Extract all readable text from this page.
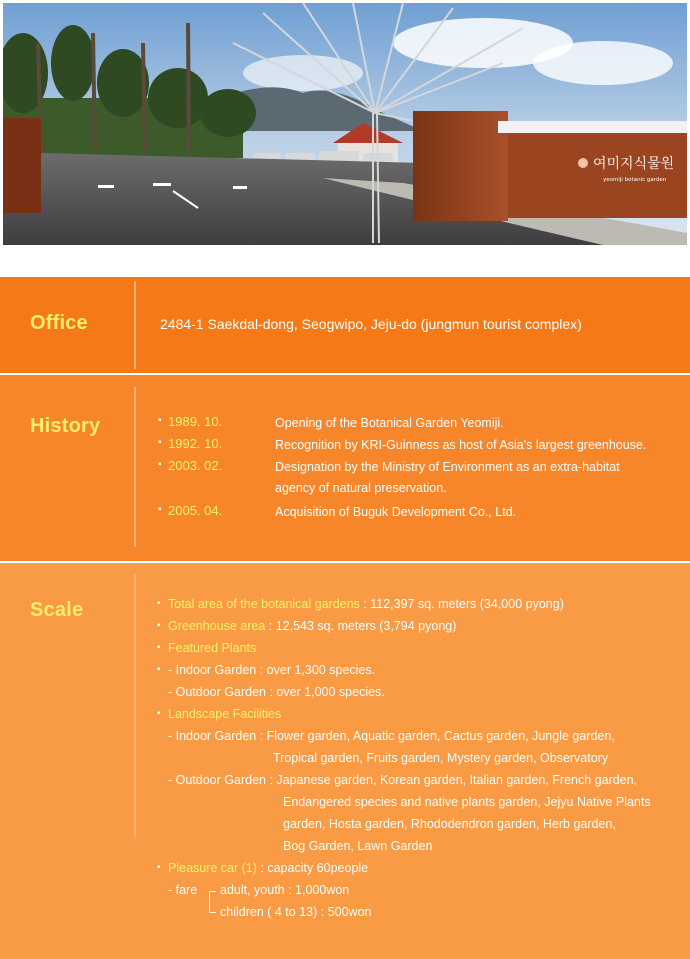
여미지식물원
yeomiji botanic garden
Office	2484-1 Saekdal-dong, Seogwipo, Jeju-do (jungmun tourist complex)
History	▪ 1989. 10.	Opening of the Botanical Garden Yeomiji.
▪ 1992. 10.	Recognition by KRI-Guinness as host of Asia's largest greenhouse.
▪ 2003. 02.	Designation by the Ministry of Environment as an extra-habitat agency of natural preservation.
▪ 2005. 04.	Acquisition of Buguk Development Co., Ltd.
Scale	▪ Total area of the botanical gardens : 112,397 sq. meters (34,000 pyong)
▪ Greenhouse area : 12,543 sq. meters (3,794 pyong)
▪ Featured Plants
▪ - Indoor Garden : over 1,300 species.
- Outdoor Garden : over 1,000 species.
▪ Landscape Facilities
- Indoor Garden : Flower garden, Aquatic garden, Cactus garden, Jungle garden,
Tropical garden, Fruits garden, Mystery garden, Observatory
- Outdoor Garden : Japanese garden, Korean garden, Italian garden, French garden,
Endangered species and native plants garden, Jejyu Native Plants
garden, Hosta garden, Rhododendron garden, Herb garden,
Bog Garden, Lawn Garden
▪ Pleasure car (1) : capacity 60people
- fare adult, youth : 1,000won
children ( 4 to 13) : 500won
